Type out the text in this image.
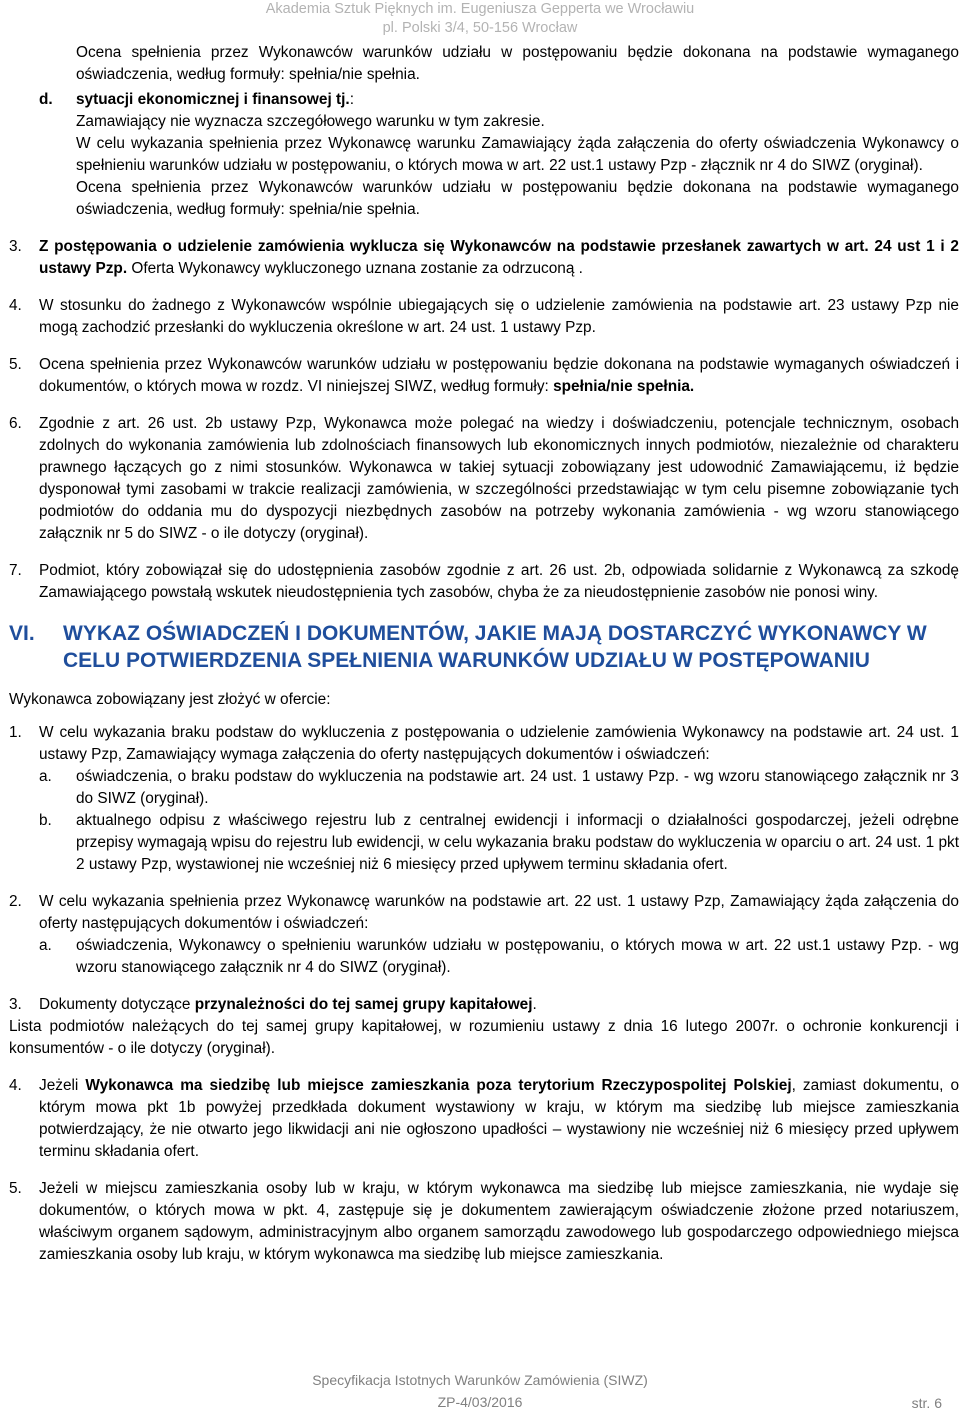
Akademia Sztuk Pięknych im. Eugeniusza Gepperta we Wrocławiu
pl. Polski 3/4, 50-156 Wrocław

Ocena spełnienia przez Wykonawców warunków udziału w postępowaniu będzie dokonana na podstawie wymaganego oświadczenia, według formuły: spełnia/nie spełnia.

d. sytuacji ekonomicznej i finansowej tj.:

Zamawiający nie wyznacza szczegółowego warunku w tym zakresie.

W celu wykazania spełnienia przez Wykonawcę warunku Zamawiający żąda załączenia do oferty oświadczenia Wykonawcy o spełnieniu warunków udziału w postępowaniu, o których mowa w art. 22 ust.1 ustawy Pzp - złącznik nr 4 do SIWZ (oryginał).

Ocena spełnienia przez Wykonawców warunków udziału w postępowaniu będzie dokonana na podstawie wymaganego oświadczenia, według formuły: spełnia/nie spełnia.

3. Z postępowania o udzielenie zamówienia wyklucza się Wykonawców na podstawie przesłanek zawartych w art. 24 ust 1 i 2 ustawy Pzp. Oferta Wykonawcy wykluczonego uznana zostanie za odrzuconą .

4. W stosunku do żadnego z Wykonawców wspólnie ubiegających się o udzielenie zamówienia na podstawie art. 23 ustawy Pzp nie mogą zachodzić przesłanki do wykluczenia określone w art. 24 ust. 1 ustawy Pzp.

5. Ocena spełnienia przez Wykonawców warunków udziału w postępowaniu będzie dokonana na podstawie wymaganych oświadczeń i dokumentów, o których mowa w rozdz. VI niniejszej SIWZ, według formuły: spełnia/nie spełnia.

6. Zgodnie z art. 26 ust. 2b ustawy Pzp, Wykonawca może polegać na wiedzy i doświadczeniu, potencjale technicznym, osobach zdolnych do wykonania zamówienia lub zdolnościach finansowych lub ekonomicznych innych podmiotów, niezależnie od charakteru prawnego łączących go z nimi stosunków. Wykonawca w takiej sytuacji zobowiązany jest udowodnić Zamawiającemu, iż będzie dysponował tymi zasobami w trakcie realizacji zamówienia, w szczególności przedstawiając w tym celu pisemne zobowiązanie tych podmiotów do oddania mu do dyspozycji niezbędnych zasobów na potrzeby wykonania zamówienia - wg wzoru stanowiącego załącznik nr 5 do SIWZ - o ile dotyczy (oryginał).

7. Podmiot, który zobowiązał się do udostępnienia zasobów zgodnie z art. 26 ust. 2b, odpowiada solidarnie z Wykonawcą za szkodę Zamawiającego powstałą wskutek nieudostępnienia tych zasobów, chyba że za nieudostępnienie zasobów nie ponosi winy.

VI. WYKAZ OŚWIADCZEŃ I DOKUMENTÓW, JAKIE MAJĄ DOSTARCZYĆ WYKONAWCY W CELU POTWIERDZENIA SPEŁNIENIA WARUNKÓW UDZIAŁU W POSTĘPOWANIU

Wykonawca zobowiązany jest złożyć w ofercie:

1. W celu wykazania braku podstaw do wykluczenia z postępowania o udzielenie zamówienia Wykonawcy na podstawie art. 24 ust. 1 ustawy Pzp, Zamawiający wymaga załączenia do oferty następujących dokumentów i oświadczeń:

a. oświadczenia, o braku podstaw do wykluczenia na podstawie art. 24 ust. 1 ustawy Pzp. - wg wzoru stanowiącego załącznik nr 3 do SIWZ (oryginał).

b. aktualnego odpisu z właściwego rejestru lub z centralnej ewidencji i informacji o działalności gospodarczej, jeżeli odrębne przepisy wymagają wpisu do rejestru lub ewidencji, w celu wykazania braku podstaw do wykluczenia w oparciu o art. 24 ust. 1 pkt 2 ustawy Pzp, wystawionej nie wcześniej niż 6 miesięcy przed upływem terminu składania ofert.

2. W celu wykazania spełnienia przez Wykonawcę warunków na podstawie art. 22 ust. 1 ustawy Pzp, Zamawiający żąda załączenia do oferty następujących dokumentów i oświadczeń:

a. oświadczenia, Wykonawcy o spełnieniu warunków udziału w postępowaniu, o których mowa w art. 22 ust.1 ustawy Pzp. - wg wzoru stanowiącego załącznik nr 4 do SIWZ (oryginał).

3. Dokumenty dotyczące przynależności do tej samej grupy kapitałowej.

Lista podmiotów należących do tej samej grupy kapitałowej, w rozumieniu ustawy z dnia 16 lutego 2007r. o ochronie konkurencji i konsumentów - o ile dotyczy (oryginał).

4. Jeżeli Wykonawca ma siedzibę lub miejsce zamieszkania poza terytorium Rzeczypospolitej Polskiej, zamiast dokumentu, o którym mowa pkt 1b powyżej przedkłada dokument wystawiony w kraju, w którym ma siedzibę lub miejsce zamieszkania potwierdzający, że nie otwarto jego likwidacji ani nie ogłoszono upadłości – wystawiony nie wcześniej niż 6 miesięcy przed upływem terminu składania ofert.

5. Jeżeli w miejscu zamieszkania osoby lub w kraju, w którym wykonawca ma siedzibę lub miejsce zamieszkania, nie wydaje się dokumentów, o których mowa w pkt. 4, zastępuje się je dokumentem zawierającym oświadczenie złożone przed notariuszem, właściwym organem sądowym, administracyjnym albo organem samorządu zawodowego lub gospodarczego odpowiedniego miejsca zamieszkania osoby lub kraju, w którym wykonawca ma siedzibę lub miejsce zamieszkania.

Specyfikacja Istotnych Warunków Zamówienia (SIWZ)
ZP-4/03/2016	str. 6
